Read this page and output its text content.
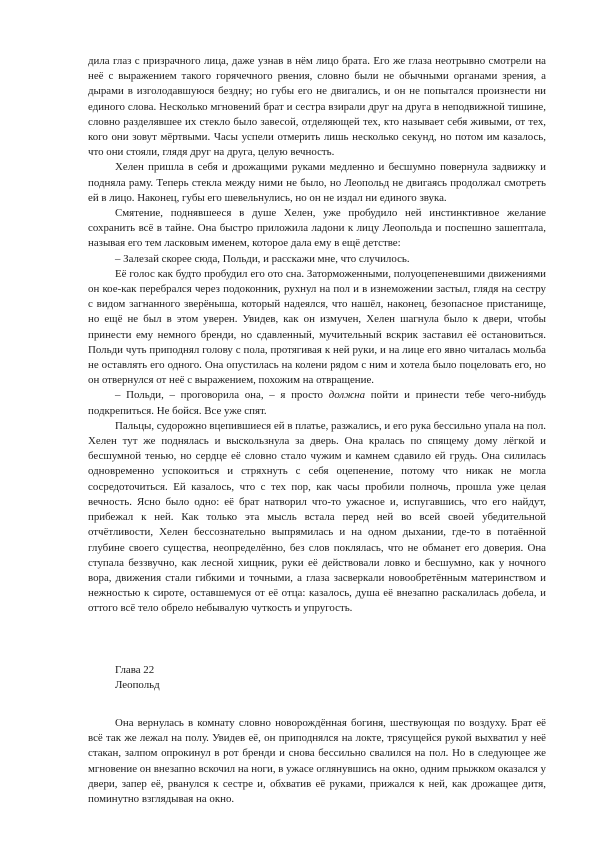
дила глаз с призрачного лица, даже узнав в нём лицо брата. Его же глаза неотрывно смотрели на неё с выражением такого горячечного рвения, словно были не обычными органами зрения, а дырами в изголодавшуюся бездну; но губы его не двигались, и он не попытался произнести ни единого слова. Несколько мгновений брат и сестра взирали друг на друга в неподвижной тишине, словно разделявшее их стекло было завесой, отделяющей тех, кто называет себя живыми, от тех, кого они зовут мёртвыми. Часы успели отмерить лишь несколько секунд, но потом им казалось, что они стояли, глядя друг на друга, целую вечность.

Хелен пришла в себя и дрожащими руками медленно и бесшумно повернула задвижку и подняла раму. Теперь стекла между ними не было, но Леопольд не двигаясь продолжал смотреть ей в лицо. Наконец, губы его шевельнулись, но он не издал ни единого звука.

Смятение, поднявшееся в душе Хелен, уже пробудило ней инстинктивное желание сохранить всё в тайне. Она быстро приложила ладони к лицу Леопольда и поспешно зашептала, называя его тем ласковым именем, которое дала ему в ещё детстве:

– Залезай скорее сюда, Польди, и расскажи мне, что случилось.

Её голос как будто пробудил его ото сна. Заторможенными, полуоцепеневшими движениями он кое-как перебрался через подоконник, рухнул на пол и в изнеможении застыл, глядя на сестру с видом загнанного зверёныша, который надеялся, что нашёл, наконец, безопасное пристанище, но ещё не был в этом уверен. Увидев, как он измучен, Хелен шагнула было к двери, чтобы принести ему немного бренди, но сдавленный, мучительный вскрик заставил её остановиться. Польди чуть приподнял голову с пола, протягивая к ней руки, и на лице его явно читалась мольба не оставлять его одного. Она опустилась на колени рядом с ним и хотела было поцеловать его, но он отвернулся от неё с выражением, похожим на отвращение.

– Польди, – проговорила она, – я просто должна пойти и принести тебе чего-нибудь подкрепиться. Не бойся. Все уже спят.

Пальцы, судорожно вцепившиеся ей в платье, разжались, и его рука бессильно упала на пол. Хелен тут же поднялась и выскользнула за дверь. Она кралась по спящему дому лёгкой и бесшумной тенью, но сердце её словно стало чужим и камнем сдавило ей грудь. Она силилась одновременно успокоиться и стряхнуть с себя оцепенение, потому что никак не могла сосредоточиться. Ей казалось, что с тех пор, как часы пробили полночь, прошла уже целая вечность. Ясно было одно: её брат натворил что-то ужасное и, испугавшись, что его найдут, прибежал к ней. Как только эта мысль встала перед ней во всей своей убедительной отчётливости, Хелен бессознательно выпрямилась и на одном дыхании, где-то в потаённой глубине своего существа, неопределённо, без слов поклялась, что не обманет его доверия. Она ступала беззвучно, как лесной хищник, руки её действовали ловко и бесшумно, как у ночного вора, движения стали гибкими и точными, а глаза засверкали новообретённым материнством и нежностью к сироте, оставшемуся от её отца: казалось, душа её внезапно раскалилась добела, и оттого всё тело обрело небывалую чуткость и упругость.

Глава 22
Леопольд

Она вернулась в комнату словно новорождённая богиня, шествующая по воздуху. Брат её всё так же лежал на полу. Увидев её, он приподнялся на локте, трясущейся рукой выхватил у неё стакан, залпом опрокинул в рот бренди и снова бессильно свалился на пол. Но в следующее же мгновение он внезапно вскочил на ноги, в ужасе оглянувшись на окно, одним прыжком оказался у двери, запер её, рванулся к сестре и, обхватив её руками, прижался к ней, как дрожащее дитя, поминутно взглядывая на окно.
